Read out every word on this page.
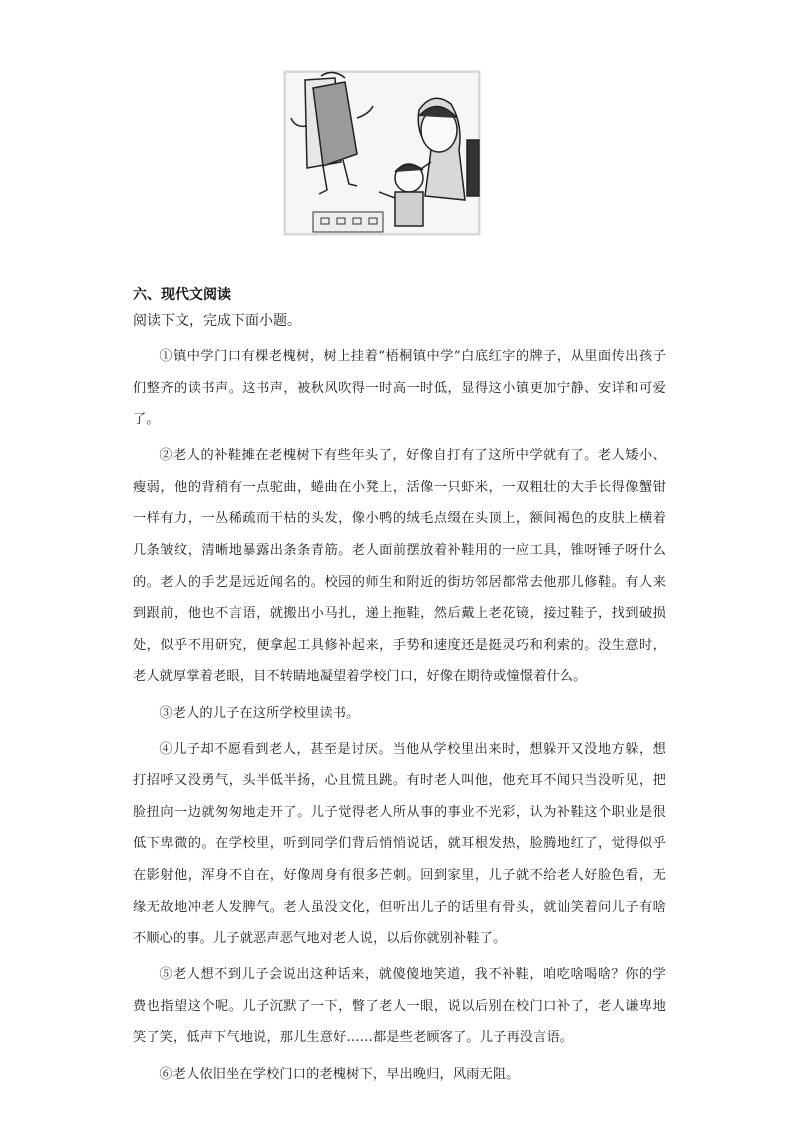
六、现代文阅读
阅读下文，完成下面小题。

①镇中学门口有棵老槐树，树上挂着“梧桐镇中学”白底红字的牌子，从里面传出孩子们整齐的读书声。这书声，被秋风吹得一时高一时低，显得这小镇更加宁静、安详和可爱了。

②老人的补鞋摊在老槐树下有些年头了，好像自打有了这所中学就有了。老人矮小、瘦弱，他的背稍有一点驼曲，蜷曲在小凳上，活像一只虾米，一双粗壮的大手长得像蟹钳一样有力，一丛稀疏而干枯的头发，像小鸭的绒毛点缀在头顶上，额间褐色的皮肤上横着几条皱纹，清晰地暴露出条条青筋。老人面前摆放着补鞋用的一应工具，锥呀锤子呀什么的。老人的手艺是远近闻名的。校园的师生和附近的街坊邻居都常去他那儿修鞋。有人来到跟前，他也不言语，就搬出小马扎，递上拖鞋，然后戴上老花镜，接过鞋子，找到破损处，似乎不用研究，便拿起工具修补起来，手势和速度还是挺灵巧和利索的。没生意时，老人就厚掌着老眼，目不转睛地凝望着学校门口，好像在期待或憧憬着什么。

③老人的儿子在这所学校里读书。

④儿子却不愿看到老人，甚至是讨厌。当他从学校里出来时，想躲开又没地方躲，想打招呼又没勇气，头半低半扬，心且慌且跳。有时老人叫他，他充耳不闻只当没听见，把脸扭向一边就匆匆地走开了。儿子觉得老人所从事的事业不光彩，认为补鞋这个职业是很低下卑微的。在学校里，听到同学们背后悄悄说话，就耳根发热，脸腾地红了，觉得似乎在影射他，浑身不自在，好像周身有很多芒刺。回到家里，儿子就不给老人好脸色看，无缘无故地冲老人发脾气。老人虽没文化，但听出儿子的话里有骨头，就讪笑着问儿子有啥不顺心的事。儿子就恶声恶气地对老人说，以后你就别补鞋了。

⑤老人想不到儿子会说出这种话来，就傻傻地笑道，我不补鞋，咱吃啥喝啥？你的学费也指望这个呢。儿子沉默了一下，瞥了老人一眼，说以后别在校门口补了，老人谦卑地笑了笑，低声下气地说，那儿生意好……都是些老顾客了。儿子再没言语。

⑥老人依旧坐在学校门口的老槐树下，早出晚归，风雨无阻。
